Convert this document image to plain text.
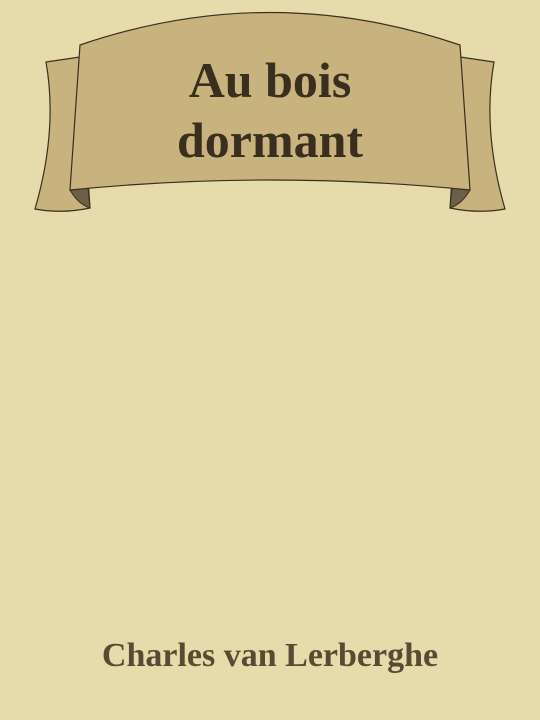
Au bois
dormant
Charles van Lerberghe
